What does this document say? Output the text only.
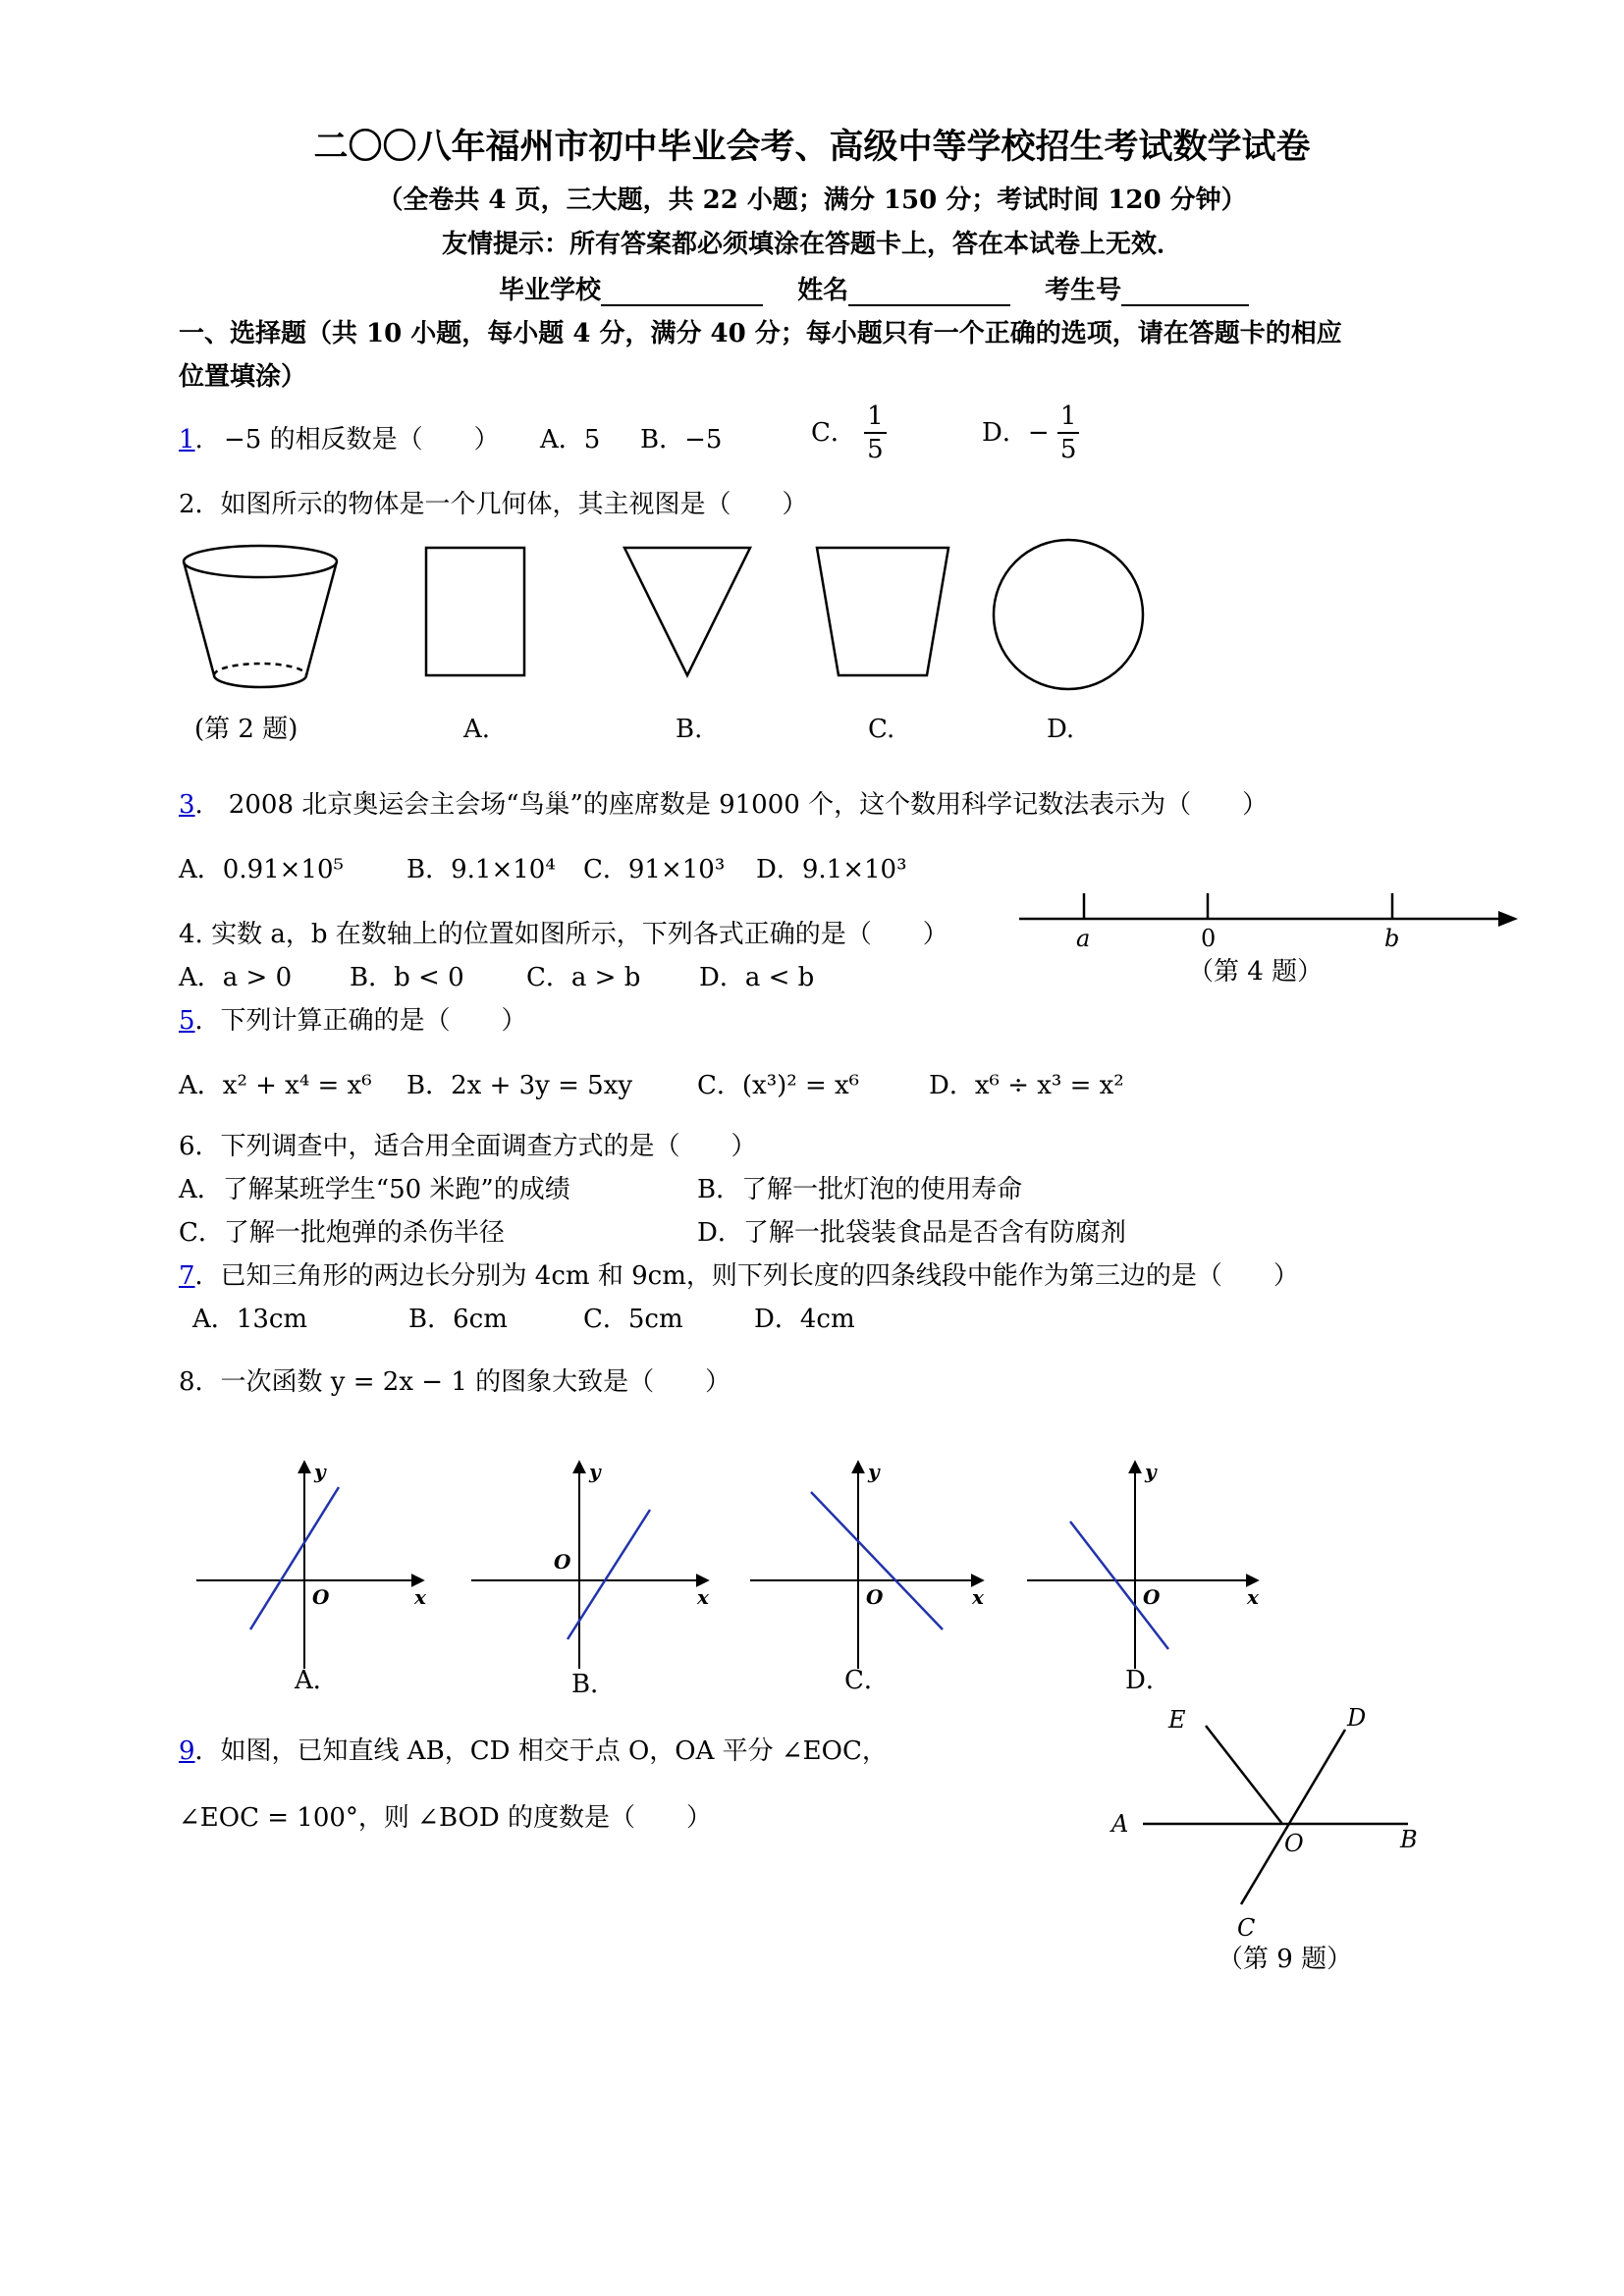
二〇〇八年福州市初中毕业会考、高级中等学校招生考试数学试卷
（全卷共 4 页，三大题，共 22 小题；满分 150 分；考试时间 120 分钟）
友情提示：所有答案都必须填涂在答题卡上，答在本试卷上无效．
毕业学校	姓名	考生号
一、选择题（共 10 小题，每小题 4 分，满分 40 分；每小题只有一个正确的选项，请在答题卡的相应
位置填涂）
1. −5 的相反数是（　　） A．5 B．−5	C． $\frac{1}{5}$	D．− $\frac{1}{5}$
2．如图所示的物体是一个几何体，其主视图是（　　）
(第 2 题)	A.	B.	C.	D.
3.　2008 北京奥运会主会场“鸟巢”的座席数是 91000 个，这个数用科学记数法表示为（　　）
A．0.91×10⁵ B．9.1×10⁴ C．91×10³ D．9.1×10³
4. 实数 a，b 在数轴上的位置如图所示，下列各式正确的是（　　）
A．a > 0 B．b < 0 C．a > b D．a < b
a	0	b
（第 4 题）
5．下列计算正确的是（　　）
A．x² + x⁴ = x⁶ B．2x + 3y = 5xy	C．(x³)² = x⁶	D．x⁶ ÷ x³ = x²
6．下列调查中，适合用全面调查方式的是（　　）
A．了解某班学生“50 米跑”的成绩	B．了解一批灯泡的使用寿命
C．了解一批炮弹的杀伤半径	D．了解一批袋装食品是否含有防腐剂
7．已知三角形的两边长分别为 4cm 和 9cm，则下列长度的四条线段中能作为第三边的是（　　）
A．13cm	B．6cm	C．5cm	D．4cm
8．一次函数 y = 2x − 1 的图象大致是（　　）
y
x
O
y
x
O
y
x
O
y
x
O
A．	B．	C．	D．
9．如图，已知直线 AB，CD 相交于点 O，OA 平分 ∠EOC，
∠EOC = 100°，则 ∠BOD 的度数是（　　）	A
B
C
D
E
O
（第 9 题）
